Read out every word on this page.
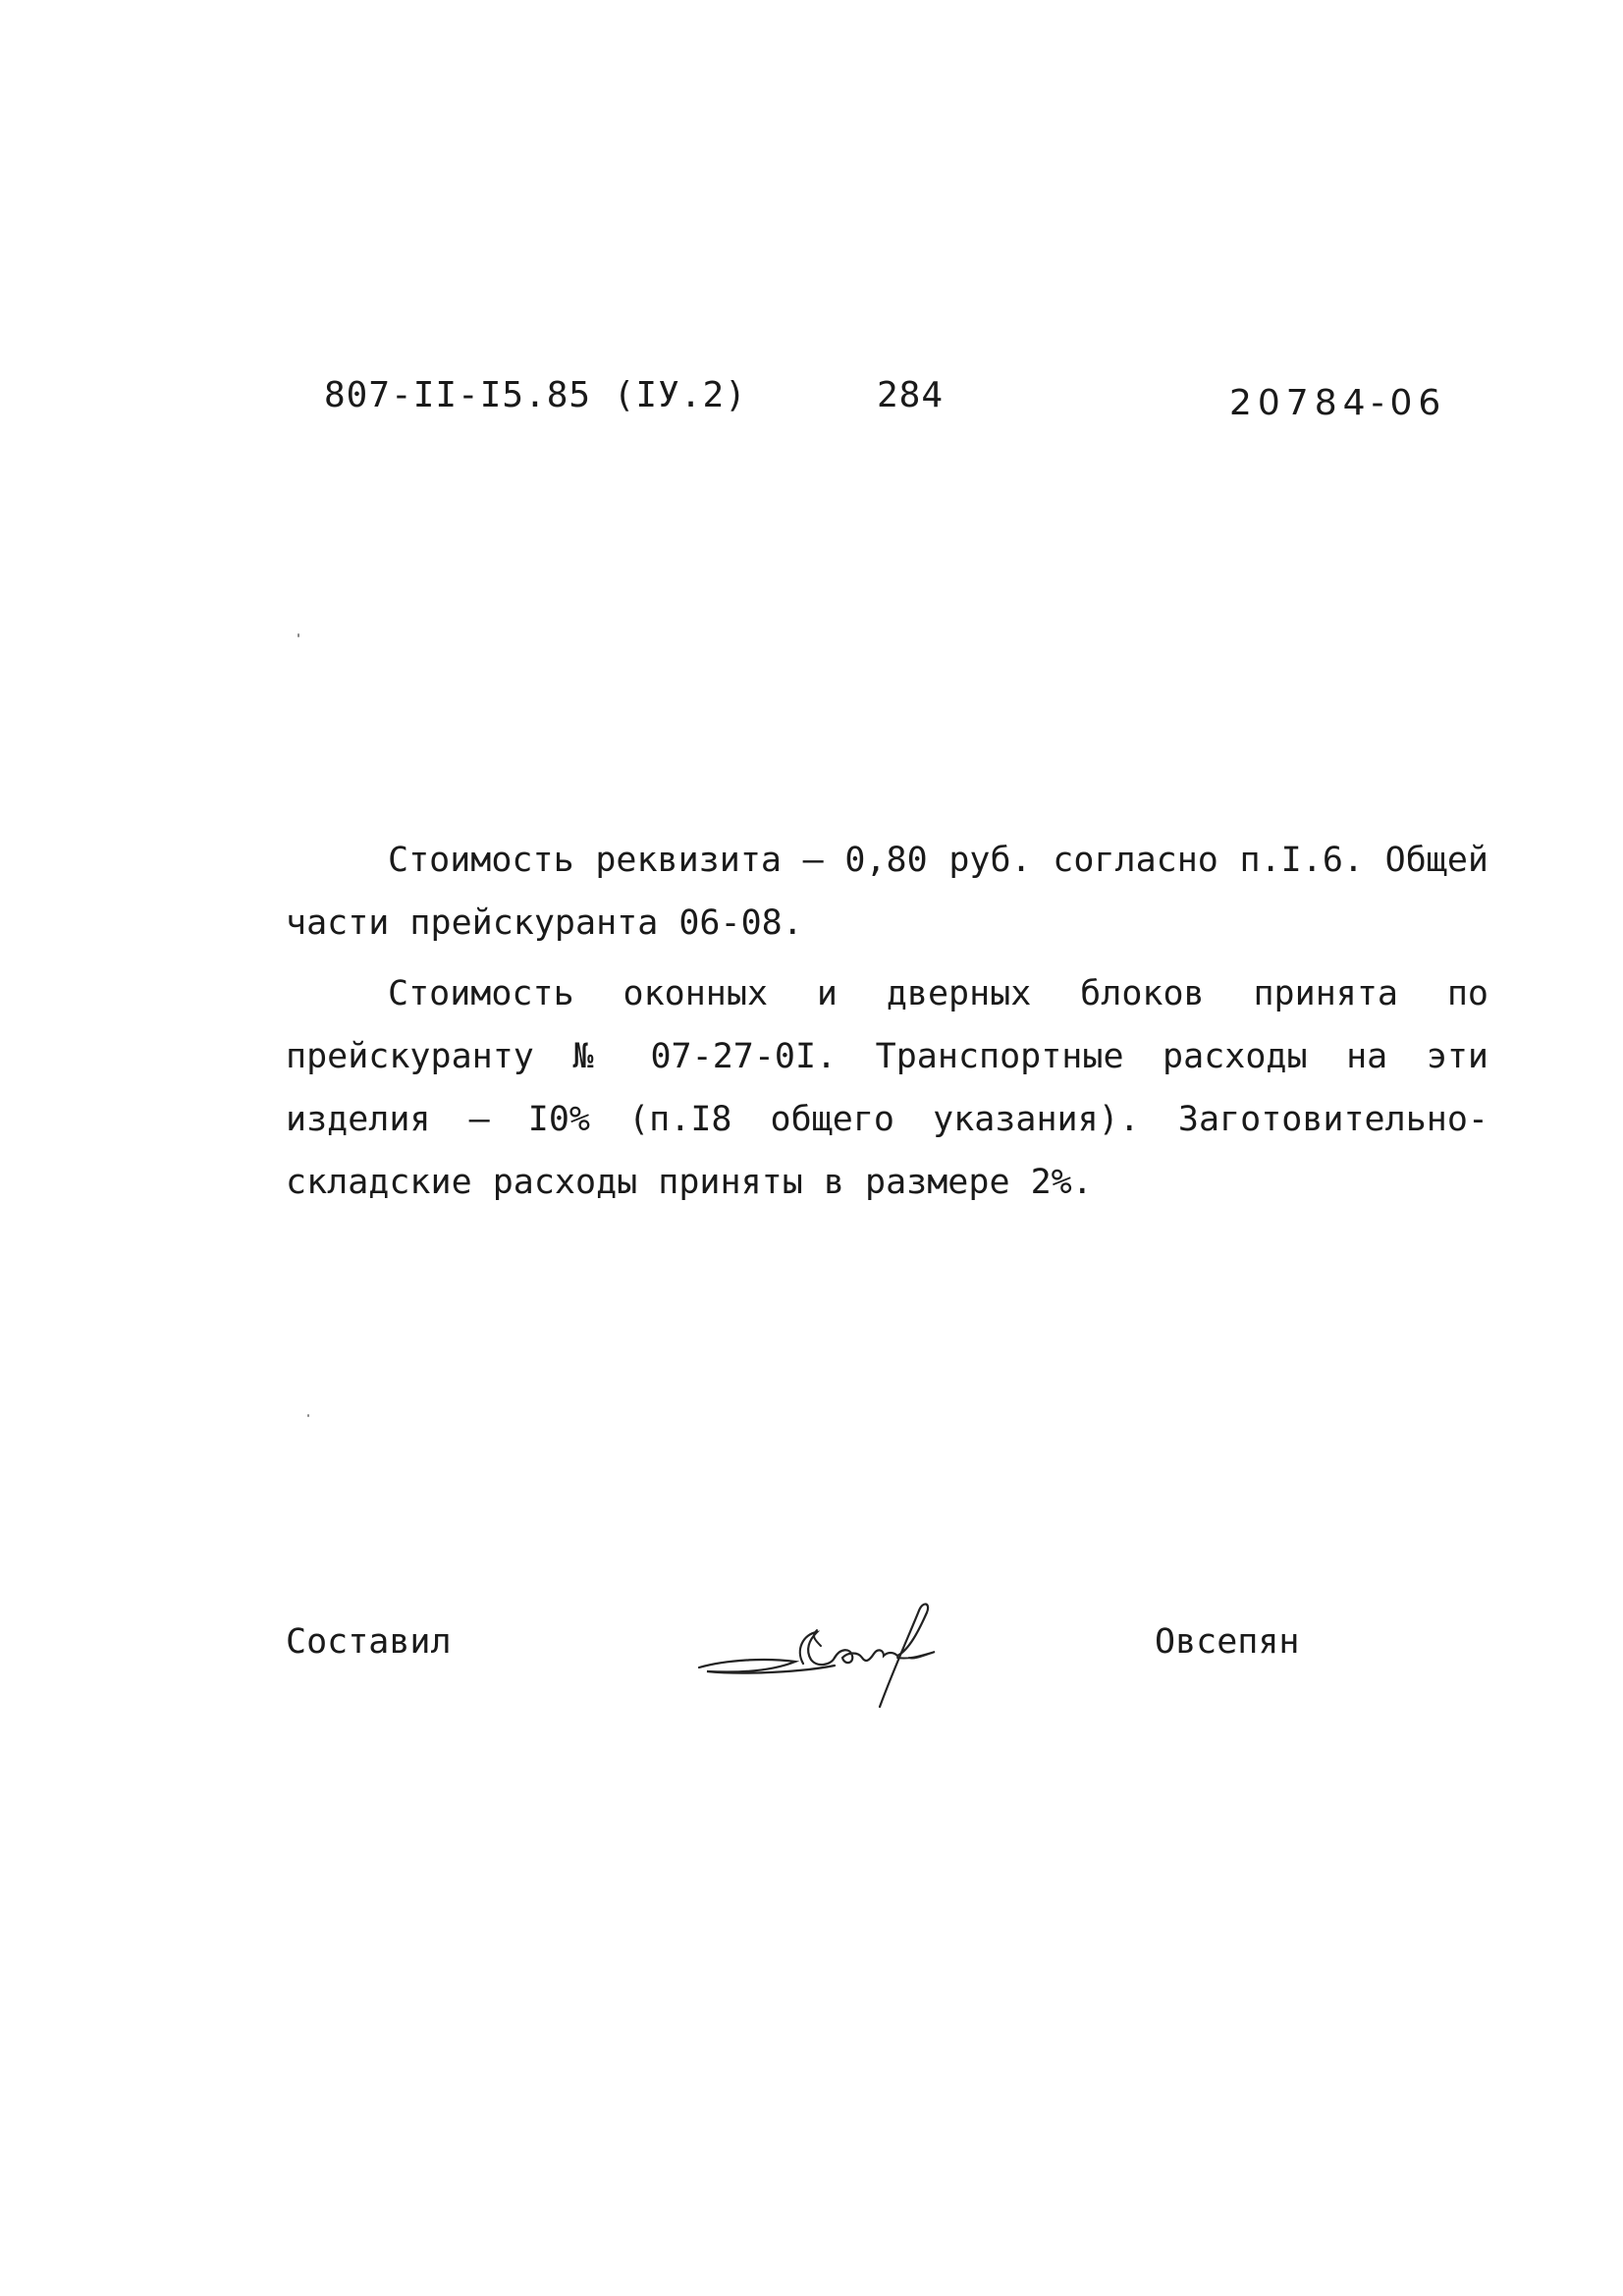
807-II-I5.85 (IУ.2)	284	20784-06

Стоимость реквизита – 0,80 руб. согласно п.I.6. Общей части прейскуранта 06-08.

Стоимость оконных и дверных блоков принята по прейскуранту № 07-27-0I. Транспортные расходы на эти изделия – I0% (п.I8 общего указания). Заготовительно-складские расходы приняты в размере 2%.

Составил	Овсепян
